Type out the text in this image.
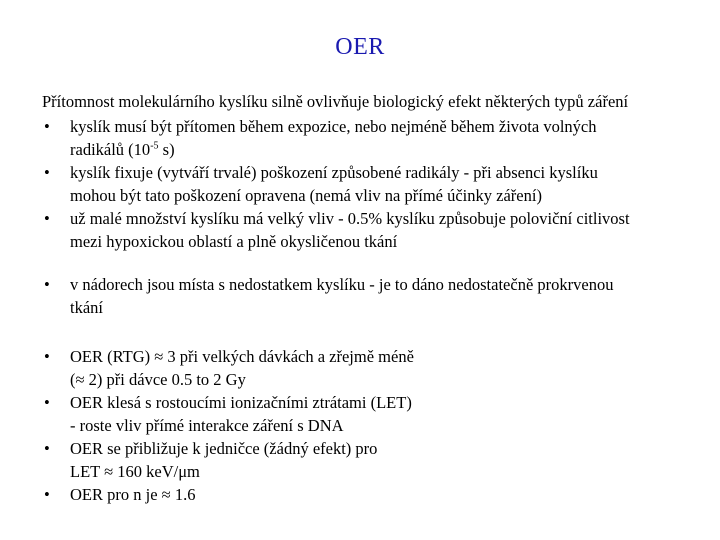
OER
Přítomnost molekulárního kyslíku silně ovlivňuje biologický efekt některých typů záření
• kyslík musí být přítomen během expozice, nebo nejméně během života volných
radikálů ($10^{-5}$ s)
• kyslík fixuje (vytváří trvalé) poškození způsobené radikály - při absenci kyslíku
mohou být tato poškození opravena (nemá vliv na přímé účinky záření)
• už malé množství kyslíku má velký vliv - 0.5% kyslíku způsobuje poloviční citlivost
mezi hypoxickou oblastí a plně okysličenou tkání
• v nádorech jsou místa s nedostatkem kyslíku - je to dáno nedostatečně prokrvenou
tkání
• OER (RTG) ≈ 3 při velkých dávkách a zřejmě méně
(≈ 2) při dávce 0.5 to 2 Gy
• OER klesá s rostoucími ionizačními ztrátami (LET)
- roste vliv přímé interakce záření s DNA
• OER se přibližuje k jedničce (žádný efekt) pro
LET ≈ 160 keV/μm
• OER pro n je ≈ 1.6
